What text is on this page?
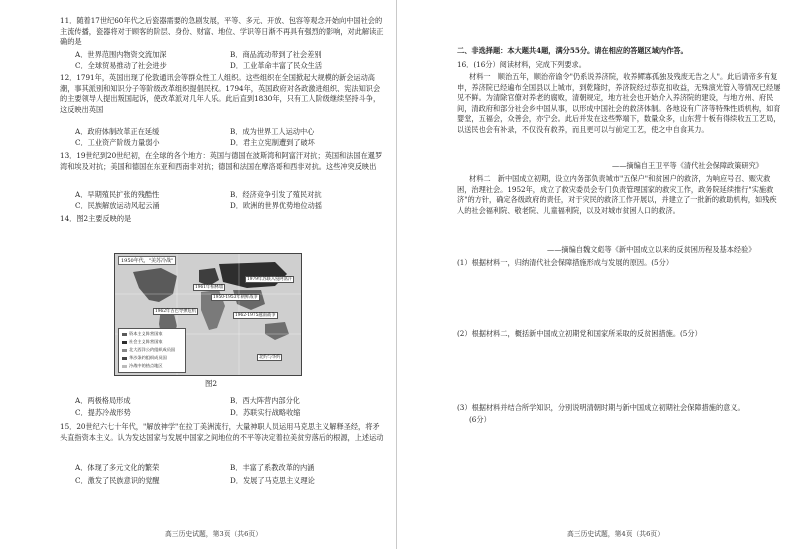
11．随着17世纪60年代之后瓷器需要的急剧发展，平等、多元、开放、包容等观念开始向中国社会的主流传播，瓷器将对于顾客的阶层、身份、财富、地位、学识等日渐不再具有强烈的影响，对此解读正确的是
A．世界范围内物资交流加深	B．商品流动带到了社会差别
C．全球贸易推动了社会进步	D．工业革命丰富了民众生活
12．1791年，英国出现了伦敦通讯会等群众性工人组织。这些组织在全国掀起大规模的新会运动高潮，事其派别和知识分子等阶级改革组织提倡民权。1794年，英国政府对各政激进组织、宪法知识会的主要领导人提出叛国起诉，使改革派对几年人乐。此后直到1830年，只有工人阶级继续坚持斗争，这反映出英国
A．政府体制改革正在延缓	B．成为世界工人运动中心
C．工业资产阶级力量弱小	D．君主立宪制遭到了破坏
13．19世纪到20世纪初，在全球的各个地方：英国与德国在波斯湾和阿富汗对抗；英国和法国在暹罗湾和埃及对抗；美国和德国在东亚和西南非对抗；德国和法国在摩洛哥和西非对抗。这些冲突反映出
A．早期殖民扩张的残酷性	B．经济竞争引发了殖民对抗
C．民族解放运动风起云涌	D．欧洲的世界优势地位动摇
14．图2主要反映的是
1950年代，"美苏冷战"
1950-1953年朝鲜战争
1961年柏林墙
1962年古巴导弹危机
1962-1975越南战争
1979年苏联入侵阿富汗
北约与华约
资本主义阵营国家
社会主义阵营国家
北大西洋公约组织成员国
华沙条约组织成员国
冷战中的热点地区
图2
A．两极格局形成	B．西大阵营内部分化
C．提苏冷战形势	D．苏联实行战略收缩
15．20世纪六七十年代，"解放神学"在拉丁美洲流行，大量神职人员运用马克思主义解释圣经，将矛头直指资本主义。认为发达国家与发展中国家之间地位的不平等决定着拉美贫穷落后的根源，上述运动
A．体现了多元文化的繁荣	B．丰富了系教改革的内涵
C．激发了民族意识的觉醒	D．发展了马克思主义理论
高三历史试题，第3页（共6页）
二、非选择题：本大题共4题，满分55分。请在相应的答题区域内作答。
16．(16分）阅读材料，完成下列要求。
材料一　顺治五年，顺治帝谕令"仍系说养济院，收养鳏寡孤独及残废无告之人"。此后请帝多有复申，养济院已经遍布全国县以上城市，到乾隆时，养济院经过恭克扣收益，无殊演光管入等情况已经屡见不鲜。为清除官僚对养老的腐败，清朝规定，地方社会也开始介入养济院的建设，与地方州、府民间，清政府和部分社会乡中国从事，以形成中国社会的救济体制。各地设有广济等特殊性质机构，如育婴堂，五福会，众善会，亦宁会。此后并发在这些弊端下，数量众多，山东营十板有得续收五工艺局，以送民也会有补录，不仅没有救养，而且更可以与前定工艺，使之中自食其力。
——摘编自王卫平等《清代社会保障政策研究》
材料二　新中国成立初期，设立内务部负责城市"五保户"和贫困户的救济，为响应号召、赈灾救困，治理社会。1952年，成立了救灾委员会专门负责管理国家的救灾工作，政务院延续推行"实施救济"的方针，确定各级政府的责任，对于灾民的救济工作开展以，并建立了一批新的救助机构，如残疾人的社会福利院、敬老院、儿童福利院，以及对城市贫困人口的救济。
——摘编自魏文彪等《新中国成立以来的反贫困历程及基本经验》
(1）根据材料一，归纳清代社会保障措施形成与发展的原因。(5分）
(2）根据材料二，概括新中国成立初期党和国家所采取的反贫困措施。(5分）
(3）根据材料并结合所学知识，分别说明清朝时期与新中国成立初期社会保障措施的意义。
(6分）
高三历史试题，第4页（共6页）
